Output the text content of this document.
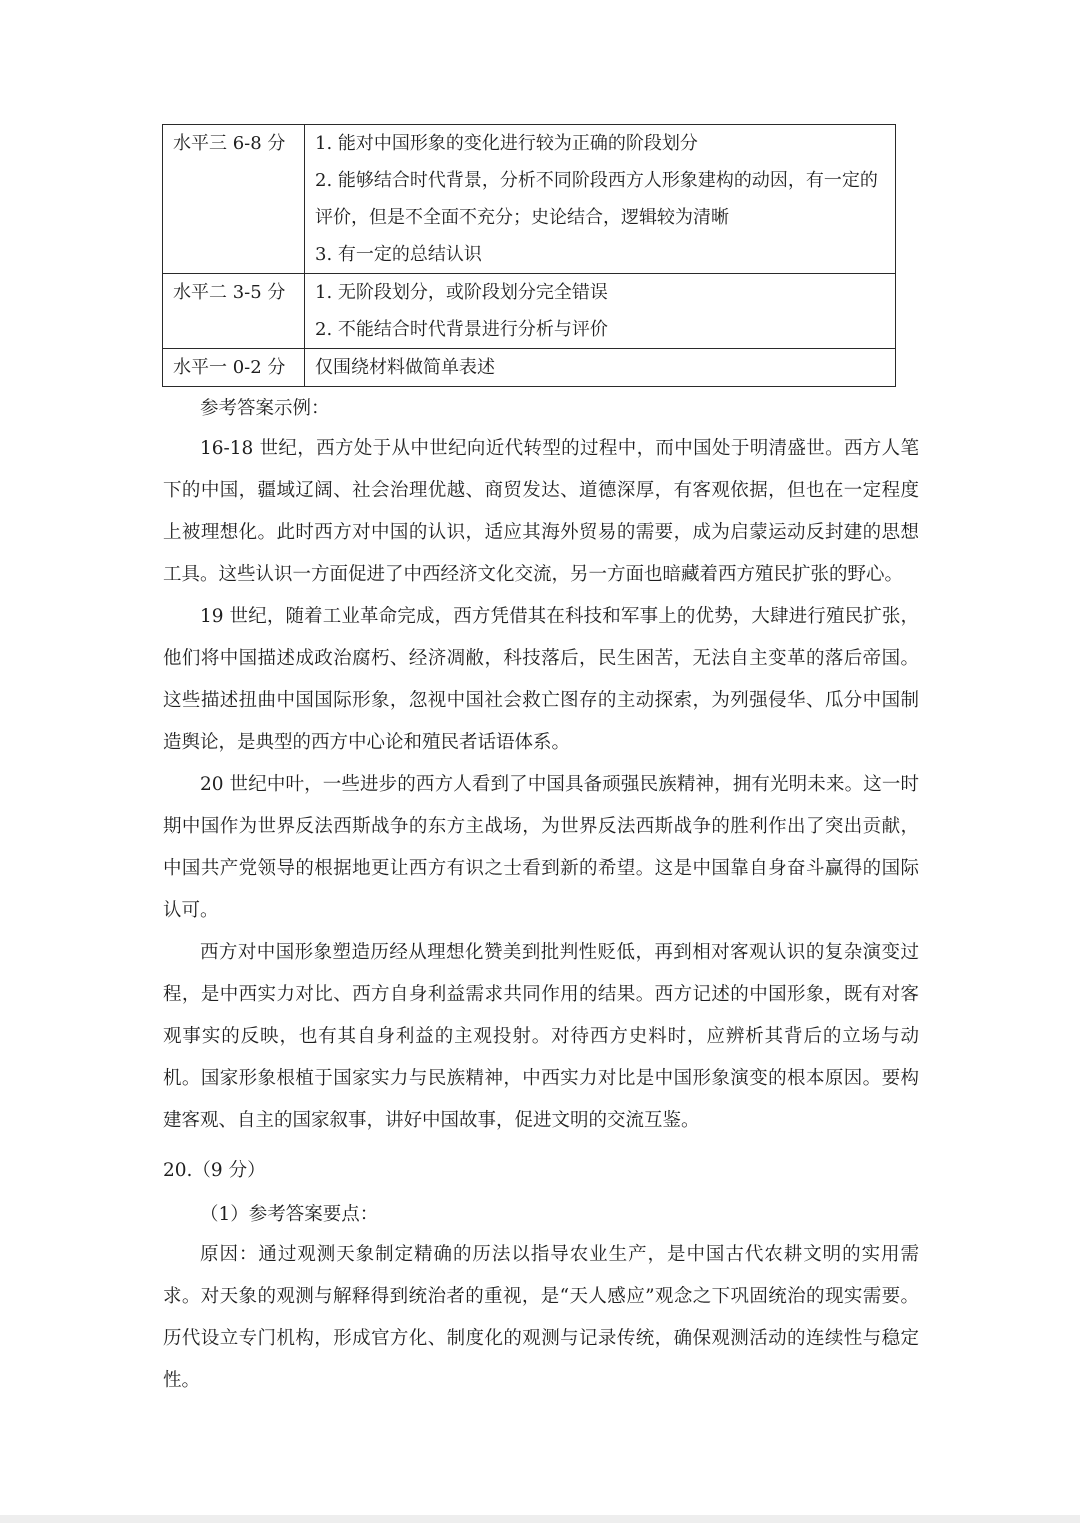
水平三 6-8 分	1. 能对中国形象的变化进行较为正确的阶段划分
2. 能够结合时代背景，分析不同阶段西方人形象建构的动因，有一定的评价，但是不全面不充分；史论结合，逻辑较为清晰
3. 有一定的总结认识

水平二 3-5 分	1. 无阶段划分，或阶段划分完全错误
2. 不能结合时代背景进行分析与评价

水平一 0-2 分	仅围绕材料做简单表述
参考答案示例：

16-18 世纪，西方处于从中世纪向近代转型的过程中，而中国处于明清盛世。西方人笔下的中国，疆域辽阔、社会治理优越、商贸发达、道德深厚，有客观依据，但也在一定程度上被理想化。此时西方对中国的认识，适应其海外贸易的需要，成为启蒙运动反封建的思想工具。这些认识一方面促进了中西经济文化交流，另一方面也暗藏着西方殖民扩张的野心。

19 世纪，随着工业革命完成，西方凭借其在科技和军事上的优势，大肆进行殖民扩张，他们将中国描述成政治腐朽、经济凋敝，科技落后，民生困苦，无法自主变革的落后帝国。这些描述扭曲中国国际形象，忽视中国社会救亡图存的主动探索，为列强侵华、瓜分中国制造舆论，是典型的西方中心论和殖民者话语体系。

20 世纪中叶，一些进步的西方人看到了中国具备顽强民族精神，拥有光明未来。这一时期中国作为世界反法西斯战争的东方主战场，为世界反法西斯战争的胜利作出了突出贡献，中国共产党领导的根据地更让西方有识之士看到新的希望。这是中国靠自身奋斗赢得的国际认可。

西方对中国形象塑造历经从理想化赞美到批判性贬低，再到相对客观认识的复杂演变过程，是中西实力对比、西方自身利益需求共同作用的结果。西方记述的中国形象，既有对客观事实的反映，也有其自身利益的主观投射。对待西方史料时，应辨析其背后的立场与动机。国家形象根植于国家实力与民族精神，中西实力对比是中国形象演变的根本原因。要构建客观、自主的国家叙事，讲好中国故事，促进文明的交流互鉴。

20.（9 分）
（1）参考答案要点：

原因：通过观测天象制定精确的历法以指导农业生产，是中国古代农耕文明的实用需求。对天象的观测与解释得到统治者的重视，是“天人感应”观念之下巩固统治的现实需要。历代设立专门机构，形成官方化、制度化的观测与记录传统，确保观测活动的连续性与稳定性。
